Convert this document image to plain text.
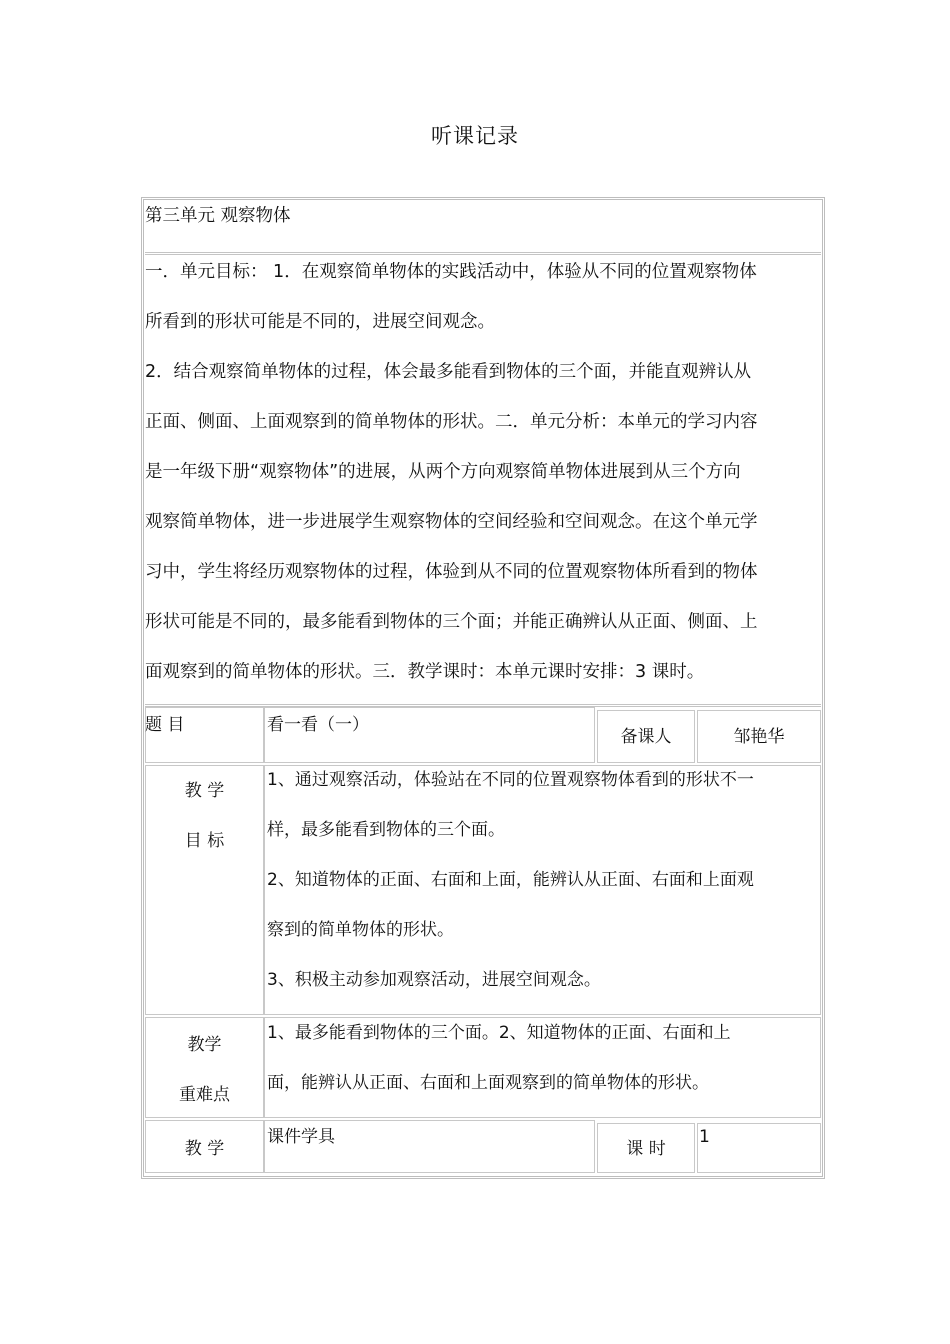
听课记录
第三单元 观察物体
一．单元目标： 1．在观察简单物体的实践活动中，体验从不同的位置观察物体
所看到的形状可能是不同的，进展空间观念。
2．结合观察简单物体的过程，体会最多能看到物体的三个面，并能直观辨认从
正面、侧面、上面观察到的简单物体的形状。二．单元分析：本单元的学习内容
是一年级下册“观察物体”的进展，从两个方向观察简单物体进展到从三个方向
观察简单物体，进一步进展学生观察物体的空间经验和空间观念。在这个单元学
习中，学生将经历观察物体的过程，体验到从不同的位置观察物体所看到的物体
形状可能是不同的，最多能看到物体的三个面；并能正确辨认从正面、侧面、上
面观察到的简单物体的形状。三．教学课时：本单元课时安排：3 课时。
题 目	看一看（一）
备课人	邹艳华
教 学
目 标
1、通过观察活动，体验站在不同的位置观察物体看到的形状不一
样，最多能看到物体的三个面。
2、知道物体的正面、右面和上面，能辨认从正面、右面和上面观
察到的简单物体的形状。
3、积极主动参加观察活动，进展空间观念。
教学
重难点
1、最多能看到物体的三个面。2、知道物体的正面、右面和上
面，能辨认从正面、右面和上面观察到的简单物体的形状。
教 学
课件学具
课 时
1
